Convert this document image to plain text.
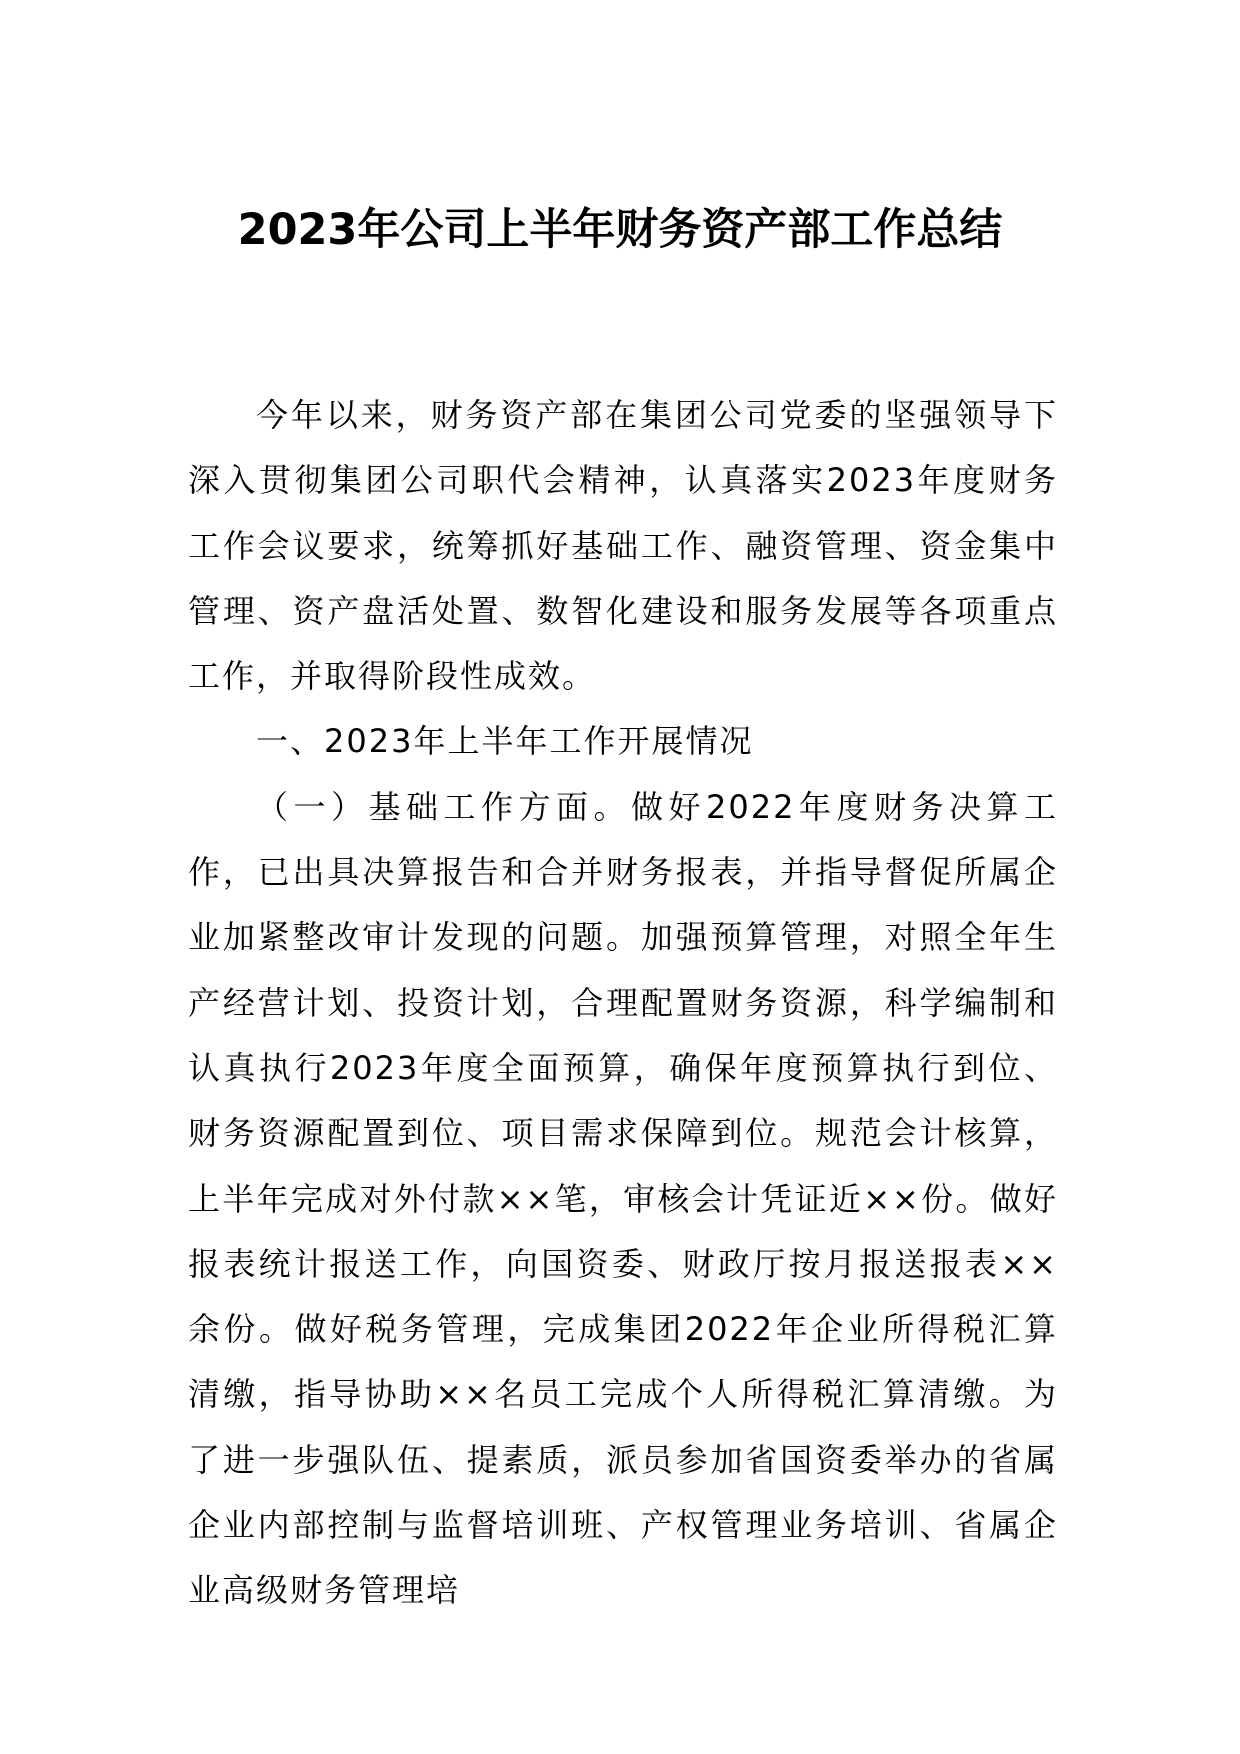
2023年公司上半年财务资产部工作总结

今年以来，财务资产部在集团公司党委的坚强领导下深入贯彻集团公司职代会精神，认真落实2023年度财务工作会议要求，统筹抓好基础工作、融资管理、资金集中管理、资产盘活处置、数智化建设和服务发展等各项重点工作，并取得阶段性成效。

一、2023年上半年工作开展情况

（一）基础工作方面。做好2022年度财务决算工作，已出具决算报告和合并财务报表，并指导督促所属企业加紧整改审计发现的问题。加强预算管理，对照全年生产经营计划、投资计划，合理配置财务资源，科学编制和认真执行2023年度全面预算，确保年度预算执行到位、财务资源配置到位、项目需求保障到位。规范会计核算，上半年完成对外付款××笔，审核会计凭证近××份。做好报表统计报送工作，向国资委、财政厅按月报送报表××余份。做好税务管理，完成集团2022年企业所得税汇算清缴，指导协助××名员工完成个人所得税汇算清缴。为了进一步强队伍、提素质，派员参加省国资委举办的省属企业内部控制与监督培训班、产权管理业务培训、省属企业高级财务管理培
